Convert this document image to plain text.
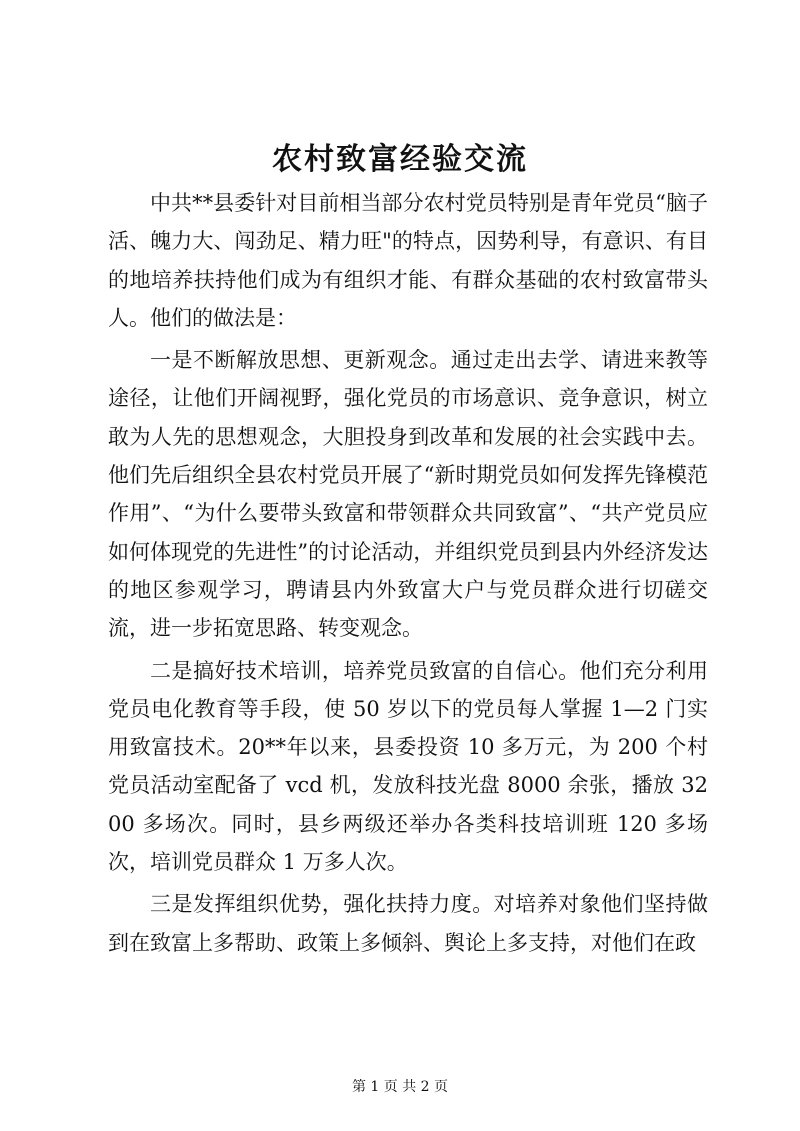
农村致富经验交流

中共**县委针对目前相当部分农村党员特别是青年党员“脑子活、魄力大、闯劲足、精力旺"的特点，因势利导，有意识、有目的地培养扶持他们成为有组织才能、有群众基础的农村致富带头人。他们的做法是：

一是不断解放思想、更新观念。通过走出去学、请进来教等途径，让他们开阔视野，强化党员的市场意识、竞争意识，树立敢为人先的思想观念，大胆投身到改革和发展的社会实践中去。他们先后组织全县农村党员开展了“新时期党员如何发挥先锋模范作用”、“为什么要带头致富和带领群众共同致富”、“共产党员应如何体现党的先进性”的讨论活动，并组织党员到县内外经济发达的地区参观学习，聘请县内外致富大户与党员群众进行切磋交流，进一步拓宽思路、转变观念。

二是搞好技术培训，培养党员致富的自信心。他们充分利用党员电化教育等手段，使 50 岁以下的党员每人掌握 1—2 门实用致富技术。20**年以来，县委投资 10 多万元，为 200 个村党员活动室配备了 vcd 机，发放科技光盘 8000 余张，播放 3200 多场次。同时，县乡两级还举办各类科技培训班 120 多场次，培训党员群众 1 万多人次。

三是发挥组织优势，强化扶持力度。对培养对象他们坚持做到在致富上多帮助、政策上多倾斜、舆论上多支持，对他们在政

第 1 页 共 2 页
